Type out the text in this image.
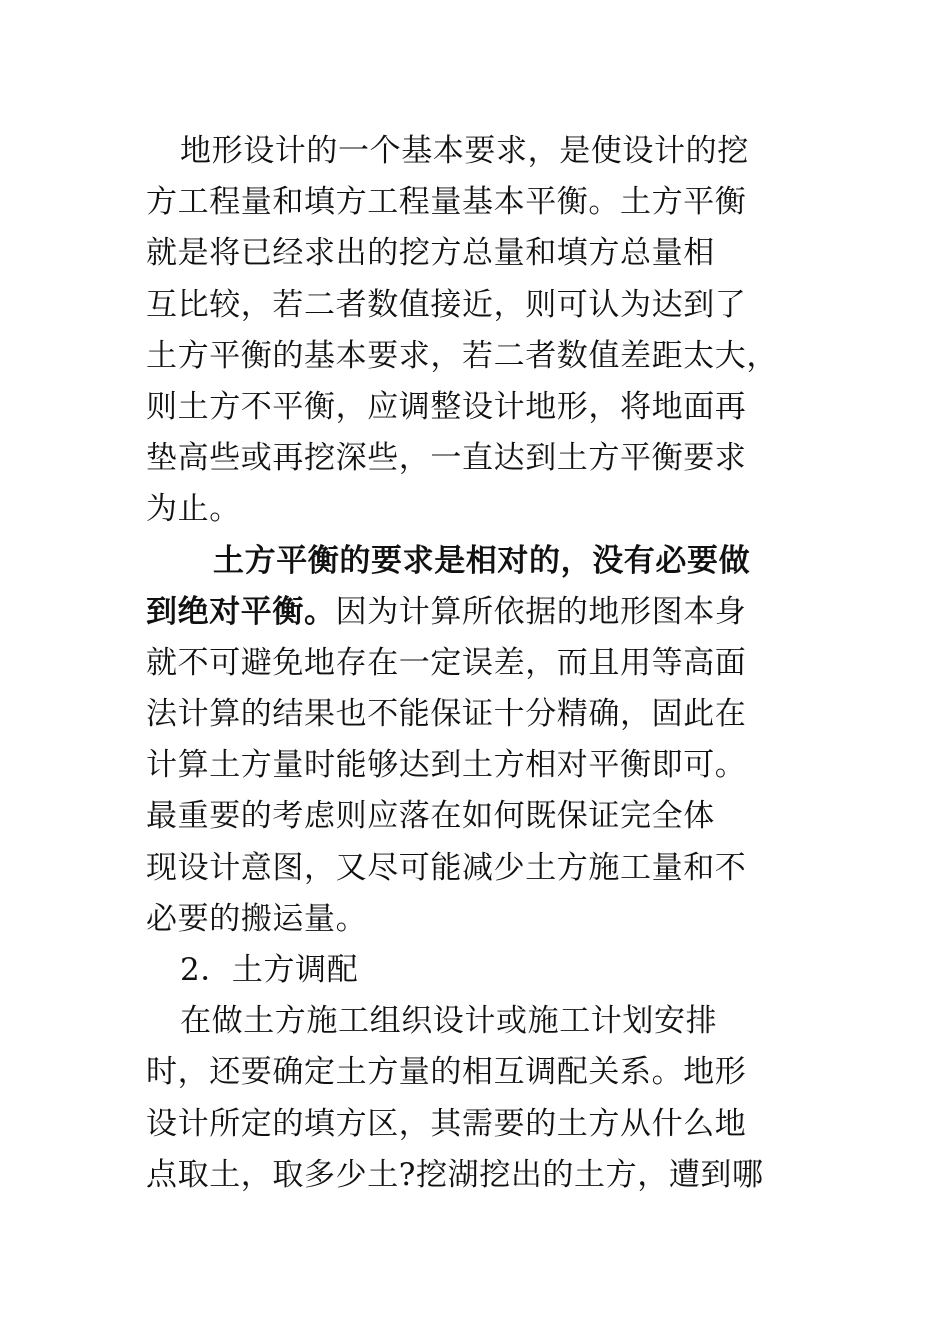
地形设计的一个基本要求，是使设计的挖
方工程量和填方工程量基本平衡。土方平衡
就是将已经求出的挖方总量和填方总量相
互比较，若二者数值接近，则可认为达到了
土方平衡的基本要求，若二者数值差距太大，
则土方不平衡，应调整设计地形，将地面再
垫高些或再挖深些，一直达到土方平衡要求
为止。
土方平衡的要求是相对的，没有必要做
到绝对平衡。因为计算所依据的地形图本身
就不可避免地存在一定误差，而且用等高面
法计算的结果也不能保证十分精确，固此在
计算土方量时能够达到土方相对平衡即可。
最重要的考虑则应落在如何既保证完全体
现设计意图，又尽可能减少土方施工量和不
必要的搬运量。
2．土方调配
在做土方施工组织设计或施工计划安排
时，还要确定土方量的相互调配关系。地形
设计所定的填方区，其需要的土方从什么地
点取土，取多少土?挖湖挖出的土方，遭到哪
